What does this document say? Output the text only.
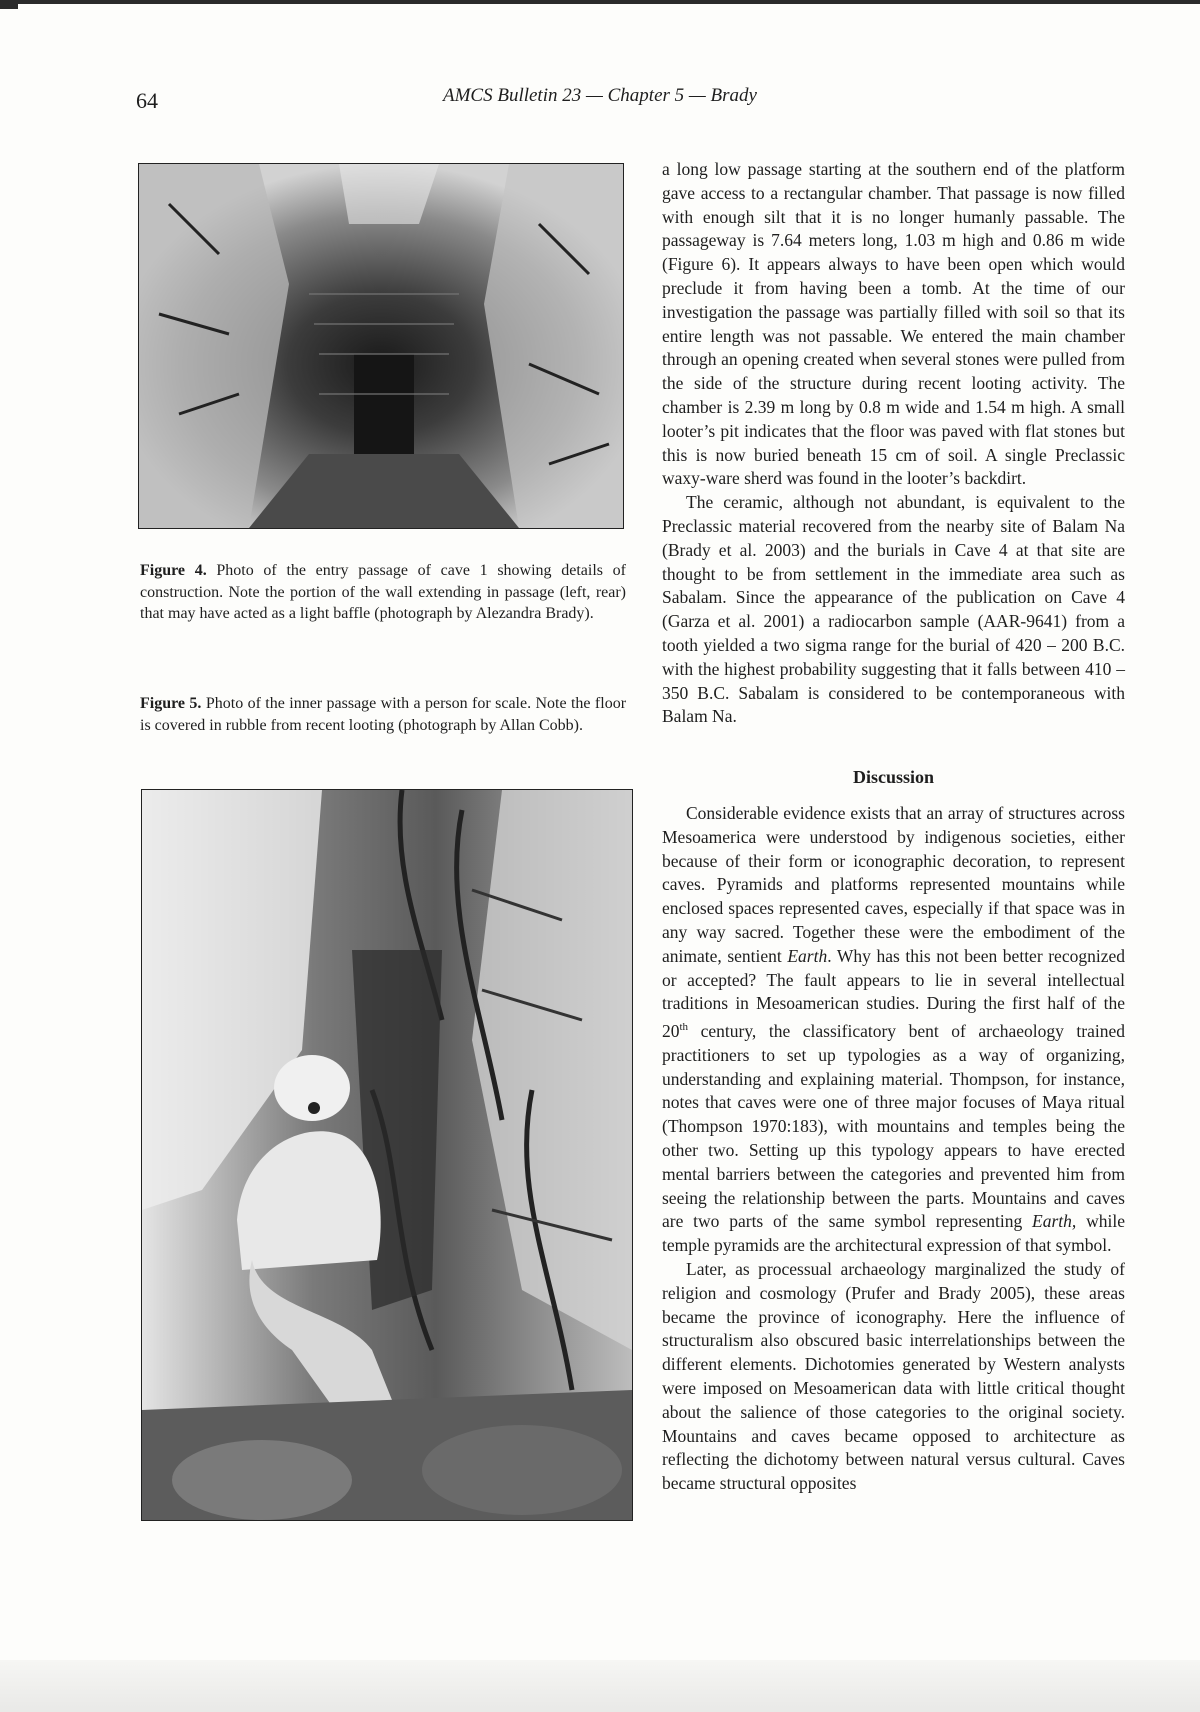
64	AMCS Bulletin 23 — Chapter 5 — Brady
Figure 4. Photo of the entry passage of cave 1 showing details of construction. Note the portion of the wall extending in passage (left, rear) that may have acted as a light baffle (photograph by Alezandra Brady).
Figure 5. Photo of the inner passage with a person for scale. Note the floor is covered in rubble from recent looting (photograph by Allan Cobb).

a long low passage starting at the southern end of the platform gave access to a rectangular chamber. That passage is now filled with enough silt that it is no longer humanly passable. The passageway is 7.64 meters long, 1.03 m high and 0.86 m wide (Figure 6). It appears always to have been open which would preclude it from having been a tomb. At the time of our investigation the passage was partially filled with soil so that its entire length was not passable. We entered the main chamber through an opening created when several stones were pulled from the side of the structure during recent looting activity. The chamber is 2.39 m long by 0.8 m wide and 1.54 m high. A small looter’s pit indicates that the floor was paved with flat stones but this is now buried beneath 15 cm of soil. A single Preclassic waxy-ware sherd was found in the looter’s backdirt.

The ceramic, although not abundant, is equivalent to the Preclassic material recovered from the nearby site of Balam Na (Brady et al. 2003) and the burials in Cave 4 at that site are thought to be from settlement in the immediate area such as Sabalam. Since the appearance of the publication on Cave 4 (Garza et al. 2001) a radiocarbon sample (AAR-9641) from a tooth yielded a two sigma range for the burial of 420 – 200 B.C. with the highest probability suggesting that it falls between 410 – 350 B.C. Sabalam is considered to be contemporaneous with Balam Na.

Discussion

Considerable evidence exists that an array of structures across Mesoamerica were understood by indigenous societies, either because of their form or iconographic decoration, to represent caves. Pyramids and platforms represented mountains while enclosed spaces represented caves, especially if that space was in any way sacred. Together these were the embodiment of the animate, sentient Earth. Why has this not been better recognized or accepted? The fault appears to lie in several intellectual traditions in Mesoamerican studies. During the first half of the 20th century, the classificatory bent of archaeology trained practitioners to set up typologies as a way of organizing, understanding and explaining material. Thompson, for instance, notes that caves were one of three major focuses of Maya ritual (Thompson 1970:183), with mountains and temples being the other two. Setting up this typology appears to have erected mental barriers between the categories and prevented him from seeing the relationship between the parts. Mountains and caves are two parts of the same symbol representing Earth, while temple pyramids are the architectural expression of that symbol.

Later, as processual archaeology marginalized the study of religion and cosmology (Prufer and Brady 2005), these areas became the province of iconography. Here the influence of structuralism also obscured basic interrelationships between the different elements. Dichotomies generated by Western analysts were imposed on Mesoamerican data with little critical thought about the salience of those categories to the original society. Mountains and caves became opposed to architecture as reflecting the dichotomy between natural versus cultural. Caves became structural opposites
